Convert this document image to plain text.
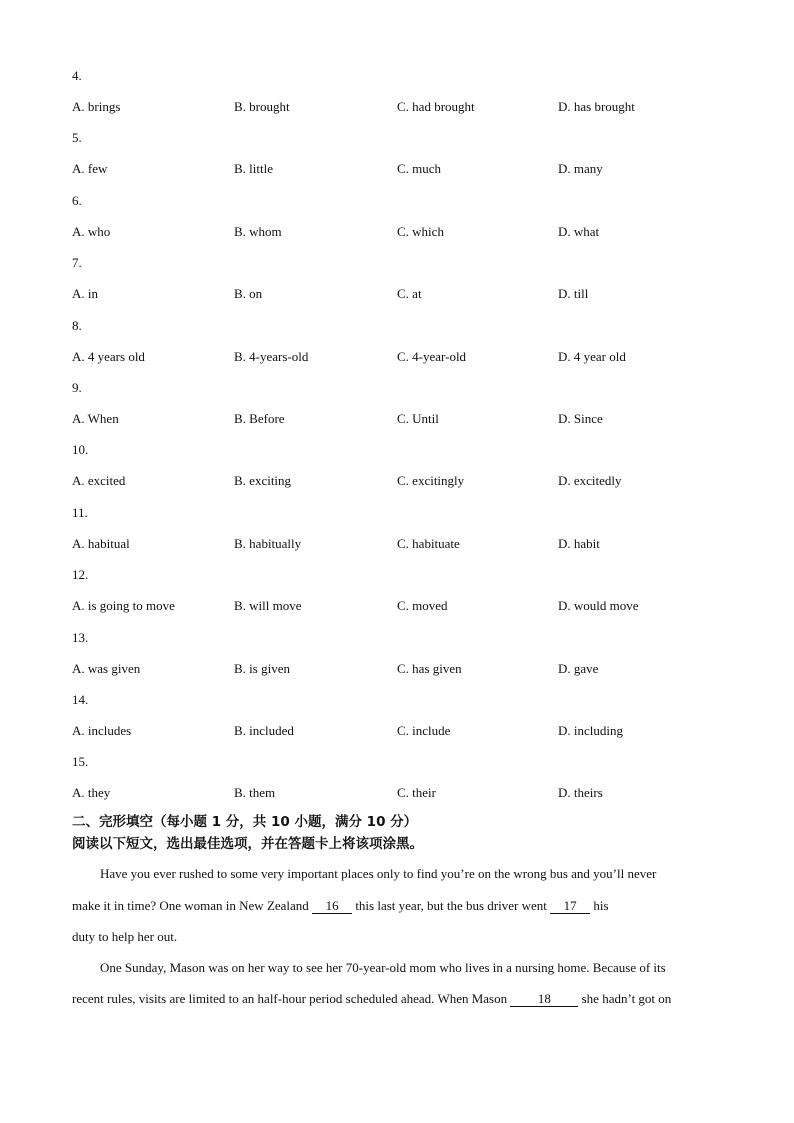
4.
A. brings	B. brought	C. had brought	D. has brought
5.
A. few	B. little	C. much	D. many
6.
A. who	B. whom	C. which	D. what
7.
A. in	B. on	C. at	D. till
8.
A. 4 years old	B. 4-years-old	C. 4-year-old	D. 4 year old
9.
A. When	B. Before	C. Until	D. Since
10.
A. excited	B. exciting	C. excitingly	D. excitedly
11.
A. habitual	B. habitually	C. habituate	D. habit
12.
A. is going to move	B. will move	C. moved	D. would move
13.
A. was given	B. is given	C. has given	D. gave
14.
A. includes	B. included	C. include	D. including
15.
A. they	B. them	C. their	D. theirs
二、完形填空（每小题 1 分，共 10 小题，满分 10 分）
阅读以下短文，选出最佳选项，并在答题卡上将该项涂黑。
Have you ever rushed to some very important places only to find you’re on the wrong bus and you’ll never
make it in time? One woman in New Zealand 16 this last year, but the bus driver went 17 his
duty to help her out.
One Sunday, Mason was on her way to see her 70-year-old mom who lives in a nursing home. Because of its
recent rules, visits are limited to an half-hour period scheduled ahead. When Mason 18 she hadn’t got on
